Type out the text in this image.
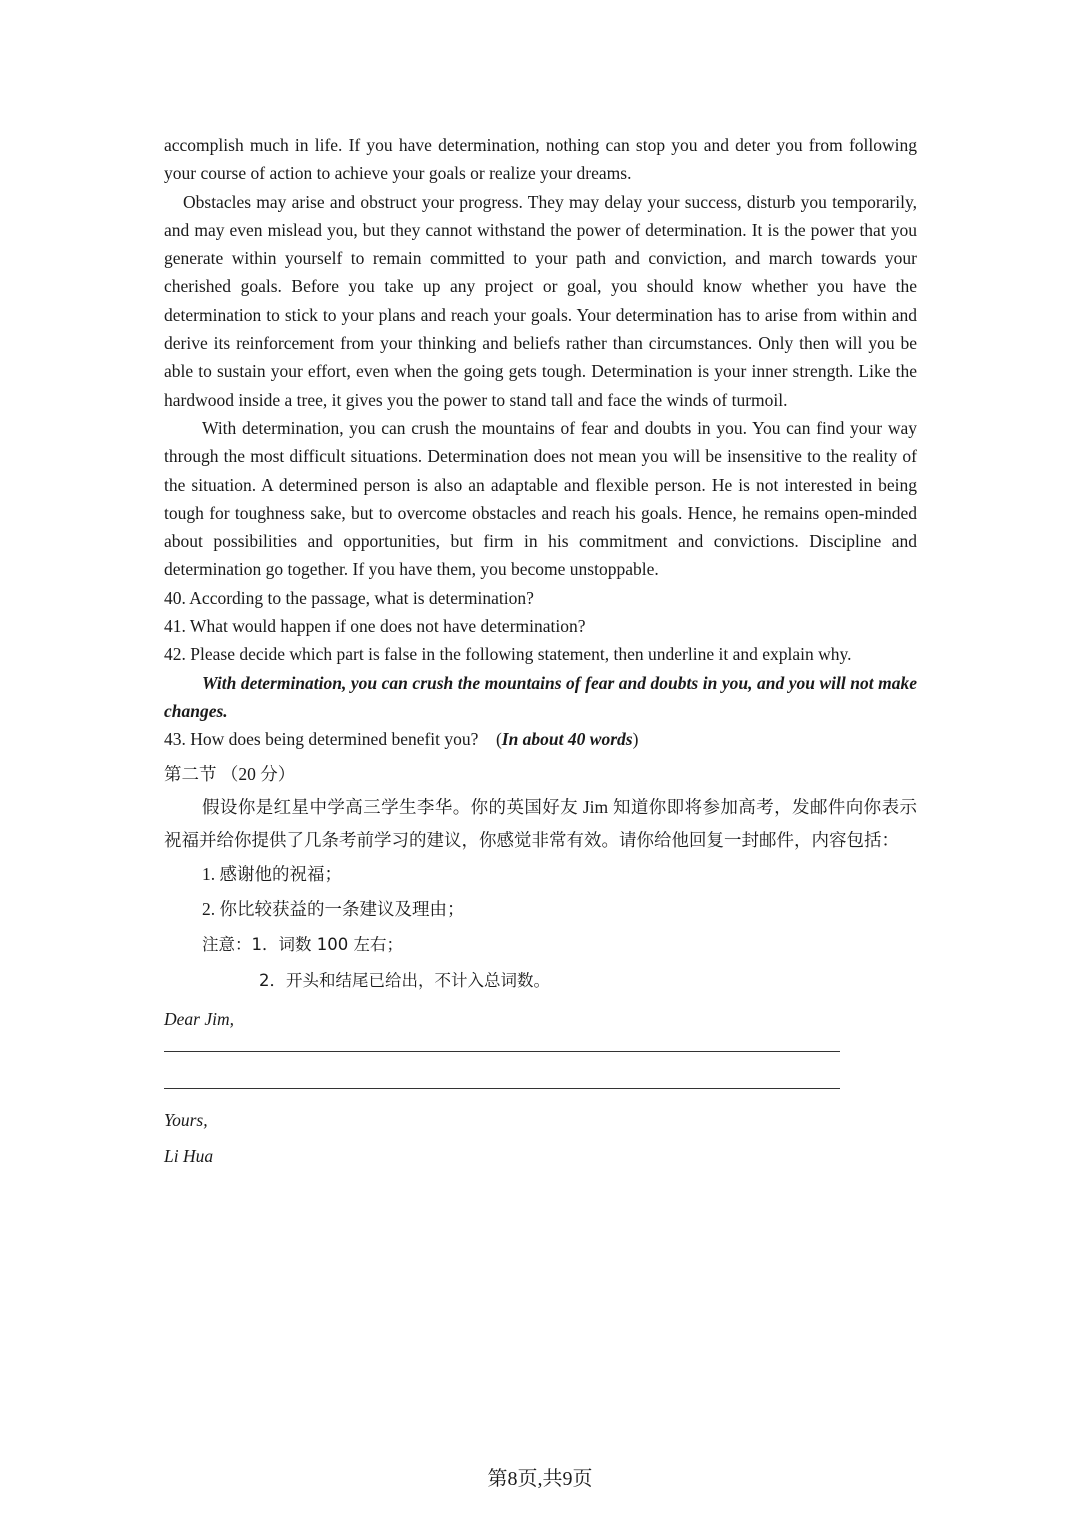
accomplish much in life. If you have determination, nothing can stop you and deter you from following your course of action to achieve your goals or realize your dreams.

Obstacles may arise and obstruct your progress. They may delay your success, disturb you temporarily, and may even mislead you, but they cannot withstand the power of determination. It is the power that you generate within yourself to remain committed to your path and conviction, and march towards your cherished goals. Before you take up any project or goal, you should know whether you have the determination to stick to your plans and reach your goals. Your determination has to arise from within and derive its reinforcement from your thinking and beliefs rather than circumstances. Only then will you be able to sustain your effort, even when the going gets tough. Determination is your inner strength. Like the hardwood inside a tree, it gives you the power to stand tall and face the winds of turmoil.

With determination, you can crush the mountains of fear and doubts in you. You can find your way through the most difficult situations. Determination does not mean you will be insensitive to the reality of the situation. A determined person is also an adaptable and flexible person. He is not interested in being tough for toughness sake, but to overcome obstacles and reach his goals. Hence, he remains open-minded about possibilities and opportunities, but firm in his commitment and convictions. Discipline and determination go together. If you have them, you become unstoppable.

40. According to the passage, what is determination?

41. What would happen if one does not have determination?

42. Please decide which part is false in the following statement, then underline it and explain why.

With determination, you can crush the mountains of fear and doubts in you, and you will not make changes.

43. How does being determined benefit you? (In about 40 words)

第二节 （20 分）

假设你是红星中学高三学生李华。你的英国好友 Jim 知道你即将参加高考，发邮件向你表示祝福并给你提供了几条考前学习的建议，你感觉非常有效。请你给他回复一封邮件，内容包括：

1. 感谢他的祝福；

2. 你比较获益的一条建议及理由；

注意：1．词数 100 左右；

2．开头和结尾已给出，不计入总词数。

Dear Jim,

Yours,

Li Hua

第8页,共9页
